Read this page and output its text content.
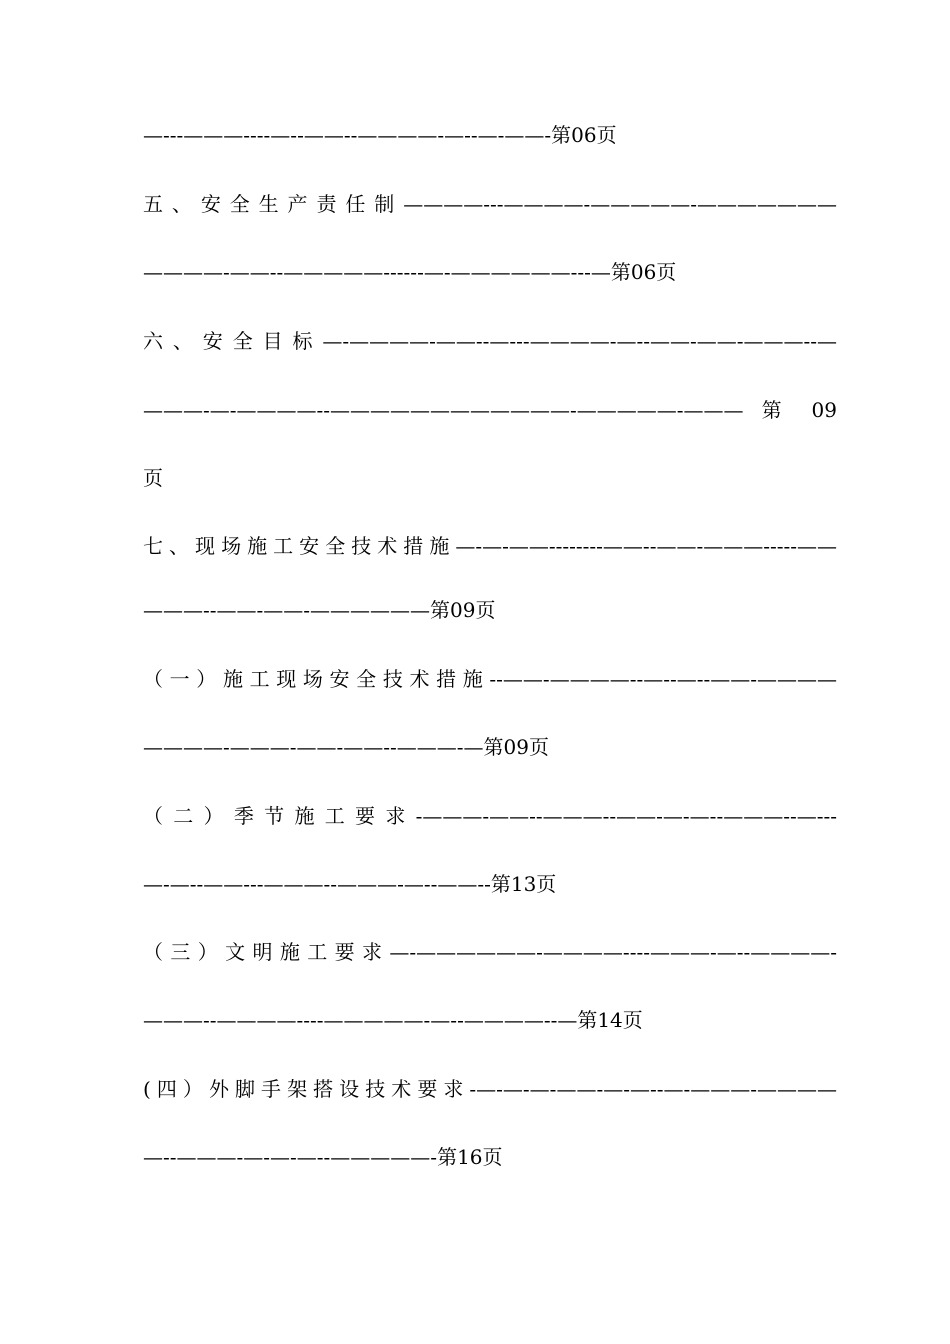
—---———----—--——--————-—--—-——-第06页
五、安全生产责任制————---————-—————-———————
————-——--—————------—-——————---—第06页
六、安全目标—-————-——--—---————-—--——-——-———--—
———-—-————--————————————-—————-——— 第 09
页
七、现场施工安全技术措施—-—-——--------——--——-———-----——
———--——-——-——————第09页
（一）施工现场安全技术措施--——-————--—--—--——-————
————-———-——-——--———-—第09页
（二）季节施工要求-———-——--———--——-—-—--———--—---
—-—--——---———--———-—--——--第13页
（三）文明施工要求—-——————-————----———-—--————-
———--————----—————-—--————--—第14页
(四）外脚手架搭设技术要求-—-—-—-——-—-—--—-———-————
—--———-—-—-—--—————-第16页
